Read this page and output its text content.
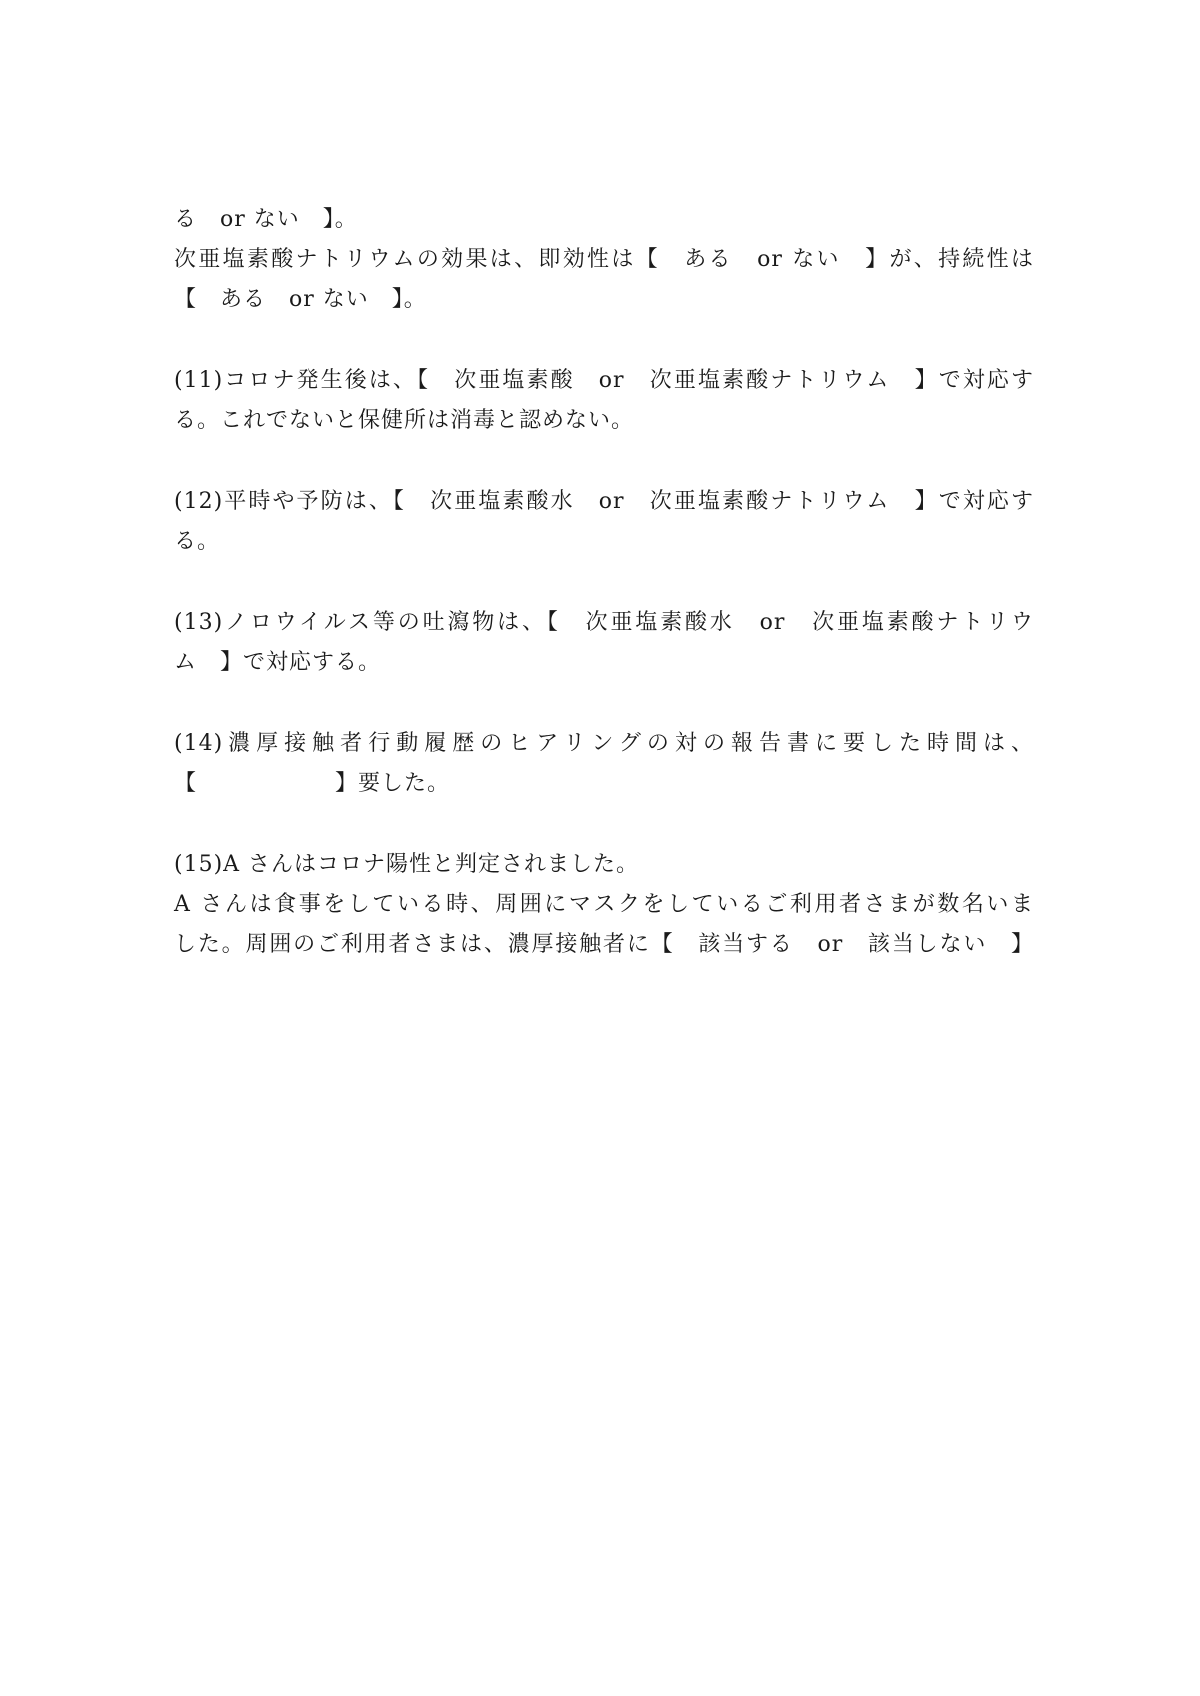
る　or ない　】。
次亜塩素酸ナトリウムの効果は、即効性は【　ある　or ない　】が、持続性は
【　ある　or ない　】。
(11)コロナ発生後は、【　次亜塩素酸　or　次亜塩素酸ナトリウム　】で対応す
る。これでないと保健所は消毒と認めない。
(12)平時や予防は、【　次亜塩素酸水　or　次亜塩素酸ナトリウム　】で対応す
る。
(13)ノロウイルス等の吐瀉物は、【　次亜塩素酸水　or　次亜塩素酸ナトリウ
ム　】で対応する。
(14)濃厚接触者行動履歴のヒアリングの対の報告書に要した時間は、
【　　　　　　】要した。
(15)A さんはコロナ陽性と判定されました。
A さんは食事をしている時、周囲にマスクをしているご利用者さまが数名いま
した。周囲のご利用者さまは、濃厚接触者に【　該当する　or　該当しない　】
